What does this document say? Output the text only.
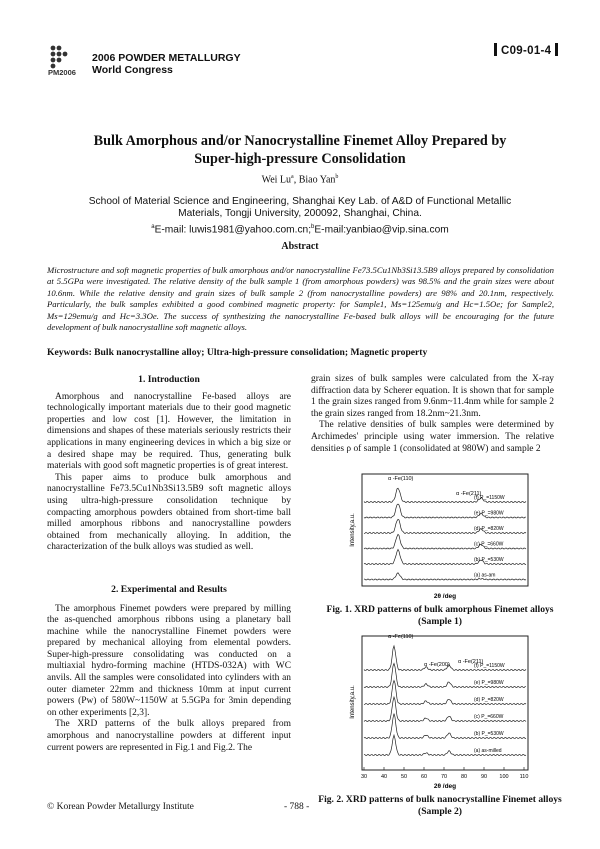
PM2006
2006 POWDER METALLURGY
World Congress
C09-01-4
Bulk Amorphous and/or Nanocrystalline Finemet Alloy Prepared by
Super-high-pressure Consolidation
Wei Lu$^a$, Biao Yan$^b$
School of Material Science and Engineering, Shanghai Key Lab. of A&D of Functional Metallic
Materials, Tongji University, 200092, Shanghai, China.
$^a$E-mail: luwis1981@yahoo.com.cn;$^b$E-mail:yanbiao@vip.sina.com
Abstract
Microstructure and soft magnetic properties of bulk amorphous and/or nanocrystalline Fe73.5Cu1Nb3Si13.5B9 alloys prepared by consolidation at 5.5GPa were investigated. The relative density of the bulk sample 1 (from amorphous powders) was 98.5% and the grain sizes were about 10.6nm. While the relative density and grain sizes of bulk sample 2 (from nanocrystalline powders) are 98% and 20.1nm, respectively. Particularly, the bulk samples exhibited a good combined magnetic property: for Sample1, Ms=125emu/g and Hc=1.5Oe; for Sample2, Ms=129emu/g and Hc=3.3Oe. The success of synthesizing the nanocrystalline Fe-based bulk alloys will be encouraging for the future development of bulk nanocrystalline soft magnetic alloys.
Keywords: Bulk nanocrystalline alloy; Ultra-high-pressure consolidation; Magnetic property

1. Introduction

Amorphous and nanocrystalline Fe-based alloys are technologically important materials due to their good magnetic properties and low cost [1]. However, the limitation in dimensions and shapes of these materials seriously restricts their applications in many engineering devices in which a big size or a desired shape may be required. Thus, generating bulk materials with good soft magnetic properties is of great interest.

This paper aims to produce bulk amorphous and nanocrystalline Fe73.5Cu1Nb3Si13.5B9 soft magnetic alloys using ultra-high-pressure consolidation technique by compacting amorphous powders obtained from short-time ball milled amorphous ribbons and nanocrystalline powders obtained from mechanically alloying. In addition, the characterization of the bulk alloys was studied as well.

2. Experimental and Results

The amorphous Finemet powders were prepared by milling the as-quenched amorphous ribbons using a planetary ball machine while the nanocrystalline Finemet powders were prepared by mechanical alloying from elemental powders. Super-high-pressure consolidating was conducted on a multiaxial hydro-forming machine (HTDS-032A) with WC anvils. All the samples were consolidated into cylinders with an outer diameter 22mm and thickness 10mm at input current powers (Pw) of 580W~1150W at 5.5GPa for 3min depending on other experiments [2,3].

The XRD patterns of the bulk alloys prepared from amorphous and nanocrystalline powders at different input current powers are represented in Fig.1 and Fig.2. The

grain sizes of bulk samples were calculated from the X-ray diffraction data by Scherer equation. It is shown that for sample 1 the grain sizes ranged from 9.6nm~11.4nm while for sample 2 the grain sizes ranged from 18.2nm~21.3nm.

The relative densities of bulk samples were determined by Archimedes' principle using water immersion. The relative densities ρ of sample 1 (consolidated at 980W) and sample 2

Intensity,a.u.
2θ /deg
α -Fe(110)
α -Fe(211)
(f) P_=1150W
(e) P_=980W
(d) P_=820W
(c) P_=660W
(b) P_=530W
(a) as-am
Fig. 1. XRD patterns of bulk amorphous Finemet alloys
(Sample 1)
Intensity,a.u.
2θ /deg
α -Fe(110)
α -Fe(200) α -Fe(211)
(f) P_=1150W
(e) P_=980W
(d) P_=820W
(c) P_=660W
(b) P_=530W
(a) as-milled
30	40	50	60	70	80	90 100 110
Fig. 2. XRD patterns of bulk nanocrystalline Finemet alloys
(Sample 2)
© Korean Powder Metallurgy Institute	- 788 -
